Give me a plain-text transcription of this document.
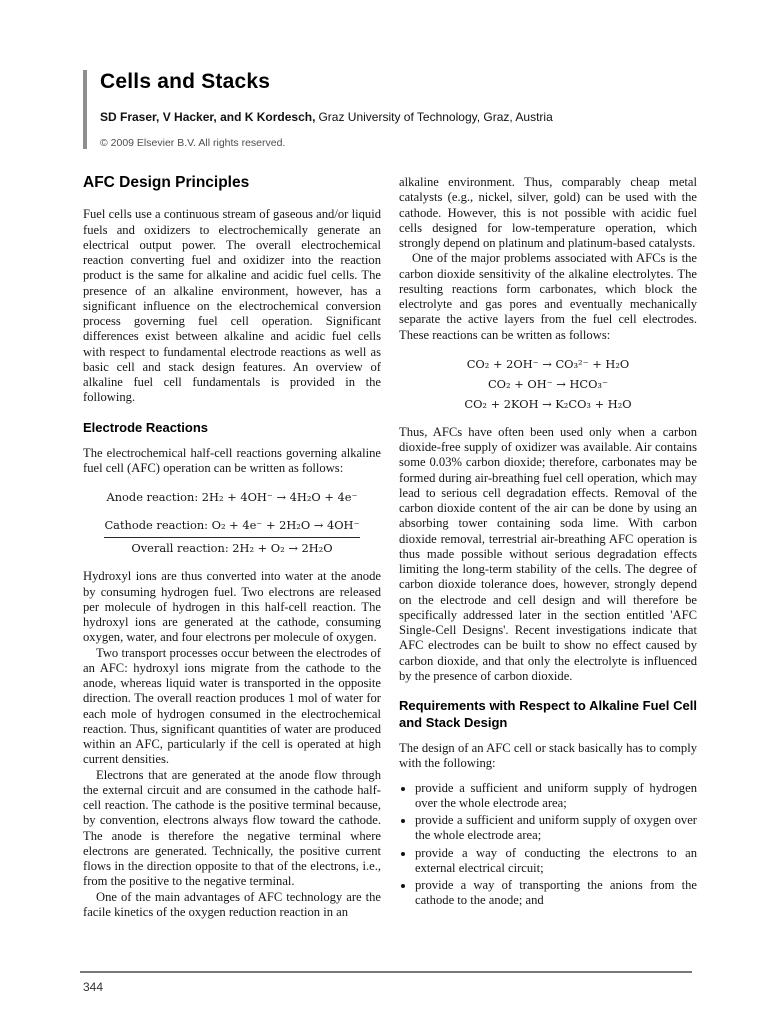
Cells and Stacks

SD Fraser, V Hacker, and K Kordesch, Graz University of Technology, Graz, Austria

© 2009 Elsevier B.V. All rights reserved.

AFC Design Principles

Fuel cells use a continuous stream of gaseous and/or liquid fuels and oxidizers to electrochemically generate an electrical output power. The overall electrochemical reaction converting fuel and oxidizer into the reaction product is the same for alkaline and acidic fuel cells. The presence of an alkaline environment, however, has a significant influence on the electrochemical conversion process governing fuel cell operation. Significant differences exist between alkaline and acidic fuel cells with respect to fundamental electrode reactions as well as basic cell and stack design features. An overview of alkaline fuel cell fundamentals is provided in the following.

Electrode Reactions

The electrochemical half-cell reactions governing alkaline fuel cell (AFC) operation can be written as follows:

Anode reaction: 2H₂ + 4OH⁻ → 4H₂O + 4e⁻
Cathode reaction: O₂ + 4e⁻ + 2H₂O → 4OH⁻
Overall reaction: 2H₂ + O₂ → 2H₂O

Hydroxyl ions are thus converted into water at the anode by consuming hydrogen fuel. Two electrons are released per molecule of hydrogen in this half-cell reaction. The hydroxyl ions are generated at the cathode, consuming oxygen, water, and four electrons per molecule of oxygen.

Two transport processes occur between the electrodes of an AFC: hydroxyl ions migrate from the cathode to the anode, whereas liquid water is transported in the opposite direction. The overall reaction produces 1 mol of water for each mole of hydrogen consumed in the electrochemical reaction. Thus, significant quantities of water are produced within an AFC, particularly if the cell is operated at high current densities.

Electrons that are generated at the anode flow through the external circuit and are consumed in the cathode half-cell reaction. The cathode is the positive terminal because, by convention, electrons always flow toward the cathode. The anode is therefore the negative terminal where electrons are generated. Technically, the positive current flows in the direction opposite to that of the electrons, i.e., from the positive to the negative terminal.

One of the main advantages of AFC technology are the facile kinetics of the oxygen reduction reaction in an

alkaline environment. Thus, comparably cheap metal catalysts (e.g., nickel, silver, gold) can be used with the cathode. However, this is not possible with acidic fuel cells designed for low-temperature operation, which strongly depend on platinum and platinum-based catalysts.

One of the major problems associated with AFCs is the carbon dioxide sensitivity of the alkaline electrolytes. The resulting reactions form carbonates, which block the electrolyte and gas pores and eventually mechanically separate the active layers from the fuel cell electrodes. These reactions can be written as follows:

CO₂ + 2OH⁻ → CO₃²⁻ + H₂O
CO₂ + OH⁻ → HCO₃⁻
CO₂ + 2KOH → K₂CO₃ + H₂O

Thus, AFCs have often been used only when a carbon dioxide-free supply of oxidizer was available. Air contains some 0.03% carbon dioxide; therefore, carbonates may be formed during air-breathing fuel cell operation, which may lead to serious cell degradation effects. Removal of the carbon dioxide content of the air can be done by using an absorbing tower containing soda lime. With carbon dioxide removal, terrestrial air-breathing AFC operation is thus made possible without serious degradation effects limiting the long-term stability of the cells. The degree of carbon dioxide tolerance does, however, strongly depend on the electrode and cell design and will therefore be specifically addressed later in the section entitled 'AFC Single-Cell Designs'. Recent investigations indicate that AFC electrodes can be built to show no effect caused by carbon dioxide, and that only the electrolyte is influenced by the presence of carbon dioxide.

Requirements with Respect to Alkaline Fuel Cell and Stack Design

The design of an AFC cell or stack basically has to comply with the following:

• provide a sufficient and uniform supply of hydrogen over the whole electrode area;
• provide a sufficient and uniform supply of oxygen over the whole electrode area;
• provide a way of conducting the electrons to an external electrical circuit;
• provide a way of transporting the anions from the cathode to the anode; and
344
